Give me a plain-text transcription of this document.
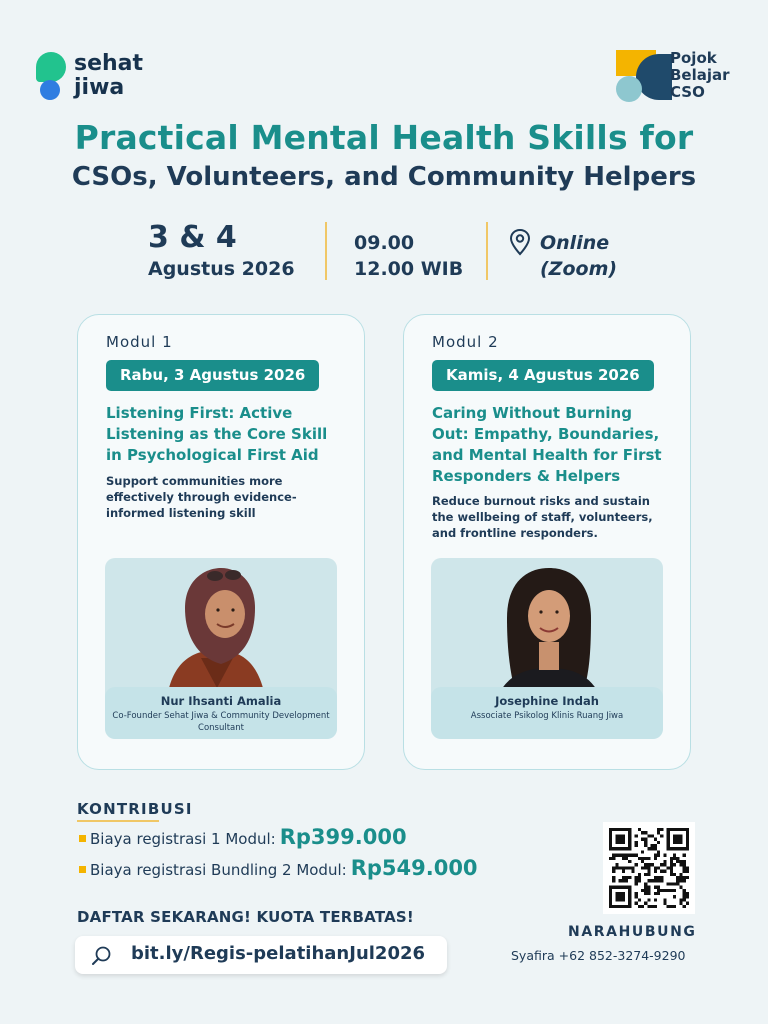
sehat
jiwa
Pojok
Belajar
CSO
Practical Mental Health Skills for
CSOs, Volunteers, and Community Helpers
3 & 4
Agustus 2026
09.00
12.00 WIB
Online
(Zoom)
Modul 1
Rabu, 3 Agustus 2026
Listening First: Active Listening as the Core Skill in Psychological First Aid
Support communities more effectively through evidence-informed listening skill
Nur Ihsanti Amalia
Co-Founder Sehat Jiwa & Community Development Consultant
Modul 2
Kamis, 4 Agustus 2026
Caring Without Burning Out: Empathy, Boundaries, and Mental Health for First Responders & Helpers
Reduce burnout risks and sustain the wellbeing of staff, volunteers, and frontline responders.
Josephine Indah
Associate Psikolog Klinis Ruang Jiwa
KONTRIBUSI
Biaya registrasi 1 Modul: Rp399.000
Biaya registrasi Bundling 2 Modul: Rp549.000
DAFTAR SEKARANG! KUOTA TERBATAS!
bit.ly/Regis-pelatihanJul2026
NARAHUBUNG
Syafira +62 852-3274-9290
